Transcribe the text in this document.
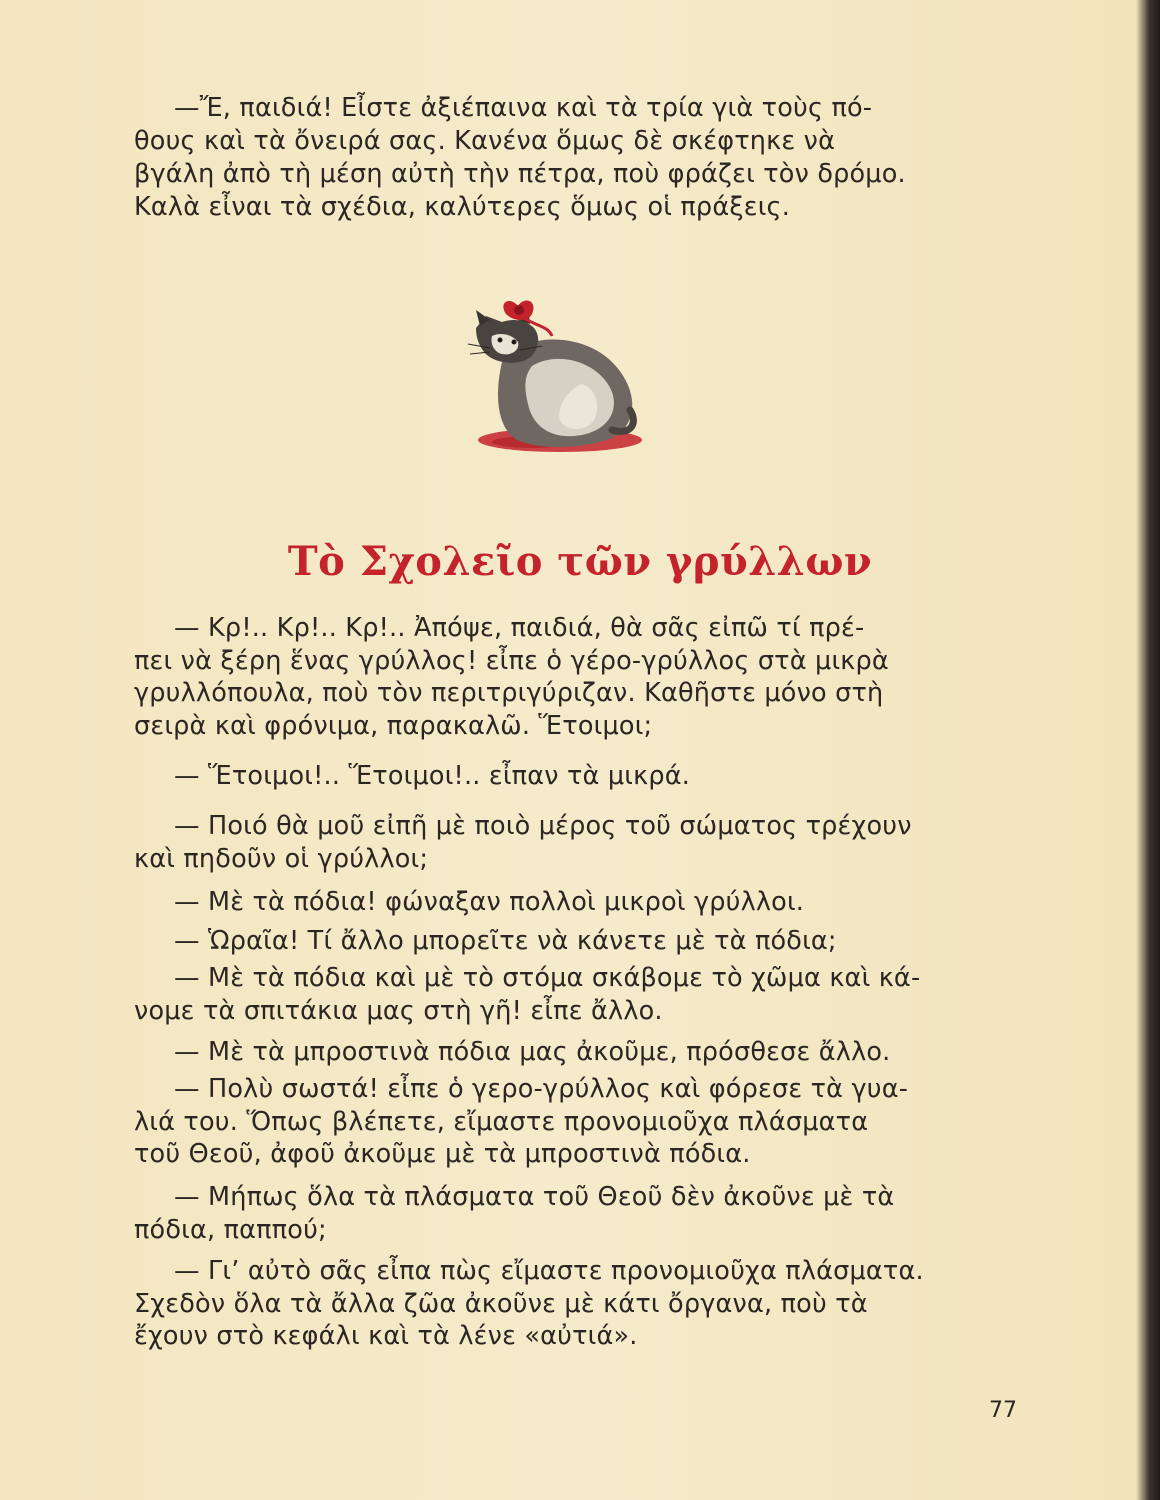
—Ἔ, παιδιά! Εἶστε ἀξιέπαινα καὶ τὰ τρία γιὰ τοὺς πό-
θους καὶ τὰ ὄνειρά σας. Κανένα ὅμως δὲ σκέφτηκε νὰ
βγάλη ἀπὸ τὴ μέση αὐτὴ τὴν πέτρα, ποὺ φράζει τὸν δρόμο.
Καλὰ εἶναι τὰ σχέδια, καλύτερες ὅμως οἱ πράξεις.
Τὸ Σχολεῖο τῶν γρύλλων
— Κρ!.. Κρ!.. Κρ!.. Ἀπόψε, παιδιά, θὰ σᾶς εἰπῶ τί πρέ-
πει νὰ ξέρη ἕνας γρύλλος! εἶπε ὁ γέρο-γρύλλος στὰ μικρὰ
γρυλλόπουλα, ποὺ τὸν περιτριγύριζαν. Καθῆστε μόνο στὴ
σειρὰ καὶ φρόνιμα, παρακαλῶ. Ἕτοιμοι;
— Ἕτοιμοι!.. Ἕτοιμοι!.. εἶπαν τὰ μικρά.
— Ποιό θὰ μοῦ εἰπῆ μὲ ποιὸ μέρος τοῦ σώματος τρέχουν
καὶ πηδοῦν οἱ γρύλλοι;
— Μὲ τὰ πόδια! φώναξαν πολλοὶ μικροὶ γρύλλοι.
— Ὡραῖα! Τί ἄλλο μπορεῖτε νὰ κάνετε μὲ τὰ πόδια;
— Μὲ τὰ πόδια καὶ μὲ τὸ στόμα σκάβομε τὸ χῶμα καὶ κά-
νομε τὰ σπιτάκια μας στὴ γῆ! εἶπε ἄλλο.
— Μὲ τὰ μπροστινὰ πόδια μας ἀκοῦμε, πρόσθεσε ἄλλο.
— Πολὺ σωστά! εἶπε ὁ γερο-γρύλλος καὶ φόρεσε τὰ γυα-
λιά του. Ὅπως βλέπετε, εἴμαστε προνομιοῦχα πλάσματα
τοῦ Θεοῦ, ἀφοῦ ἀκοῦμε μὲ τὰ μπροστινὰ πόδια.
— Μήπως ὅλα τὰ πλάσματα τοῦ Θεοῦ δὲν ἀκοῦνε μὲ τὰ
πόδια, παππού;
— Γι’ αὐτὸ σᾶς εἶπα πὼς εἴμαστε προνομιοῦχα πλάσματα.
Σχεδὸν ὅλα τὰ ἄλλα ζῶα ἀκοῦνε μὲ κάτι ὄργανα, ποὺ τὰ
ἔχουν στὸ κεφάλι καὶ τὰ λένε «αὐτιά».
77
